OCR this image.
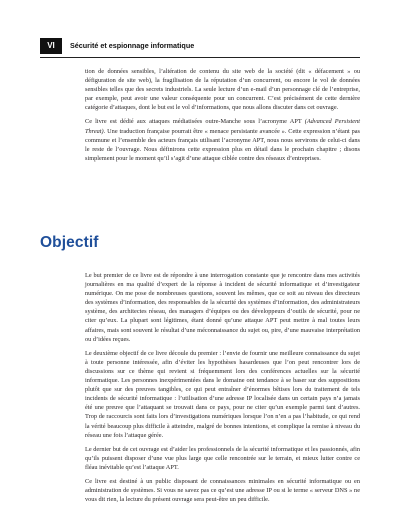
VI	Sécurité et espionnage informatique

tion de données sensibles, l’altération de contenu du site web de la société (dit « défacement » ou défiguration de site web), la fragilisation de la réputation d’un concurrent, ou encore le vol de données sensibles telles que des secrets industriels. La seule lecture d’un e-mail d’un personnage clé de l’entreprise, par exemple, peut avoir une valeur conséquente pour un concurrent. C’est précisément de cette dernière catégorie d’attaques, dont le but est le vol d’informations, que nous allons discuter dans cet ouvrage.

Ce livre est dédié aux attaques médiatisées outre-Manche sous l’acronyme APT (Advanced Persistent Threat). Une traduction française pourrait être « menace persistante avancée ». Cette expression n’étant pas commune et l’ensemble des acteurs français utilisant l’acronyme APT, nous nous servirons de celui-ci dans le reste de l’ouvrage. Nous définirons cette expression plus en détail dans le prochain chapitre ; disons simplement pour le moment qu’il s’agit d’une attaque ciblée contre des réseaux d’entreprises.

Objectif

Le but premier de ce livre est de répondre à une interrogation constante que je rencontre dans mes activités journalières en ma qualité d’expert de la réponse à incident de sécurité informatique et d’investigateur numérique. On me pose de nombreuses questions, souvent les mêmes, que ce soit au niveau des directeurs des systèmes d’information, des responsables de la sécurité des systèmes d’information, des administrateurs système, des architectes réseau, des managers d’équipes ou des développeurs d’outils de sécurité, pour ne citer qu’eux. La plupart sont légitimes, étant donné qu’une attaque APT peut mettre à mal toutes leurs affaires, mais sont souvent le résultat d’une méconnaissance du sujet ou, pire, d’une mauvaise interprétation ou d’idées reçues.

Le deuxième objectif de ce livre découle du premier : l’envie de fournir une meilleure connaissance du sujet à toute personne intéressée, afin d’éviter les hypothèses hasardeuses que l’on peut rencontrer lors de discussions sur ce thème qui revient si fréquemment lors des conférences actuelles sur la sécurité informatique. Les personnes inexpérimentées dans le domaine ont tendance à se baser sur des suppositions plutôt que sur des preuves tangibles, ce qui peut entraîner d’énormes bêtises lors du traitement de tels incidents de sécurité informatique : l’utilisation d’une adresse IP localisée dans un certain pays n’a jamais été une preuve que l’attaquant se trouvait dans ce pays, pour ne citer qu’un exemple parmi tant d’autres. Trop de raccourcis sont faits lors d’investigations numériques lorsque l’on n’en a pas l’habitude, ce qui rend la vérité beaucoup plus difficile à atteindre, malgré de bonnes intentions, et complique la remise à niveau du réseau une fois l’attaque gérée.

Le dernier but de cet ouvrage est d’aider les professionnels de la sécurité informatique et les passionnés, afin qu’ils puissent disposer d’une vue plus large que celle rencontrée sur le terrain, et mieux lutter contre ce fléau inévitable qu’est l’attaque APT.

Ce livre est destiné à un public disposant de connaissances minimales en sécurité informatique ou en administration de systèmes. Si vous ne savez pas ce qu’est une adresse IP ou si le terme « serveur DNS » ne vous dit rien, la lecture du présent ouvrage sera peut-être un peu difficile.
